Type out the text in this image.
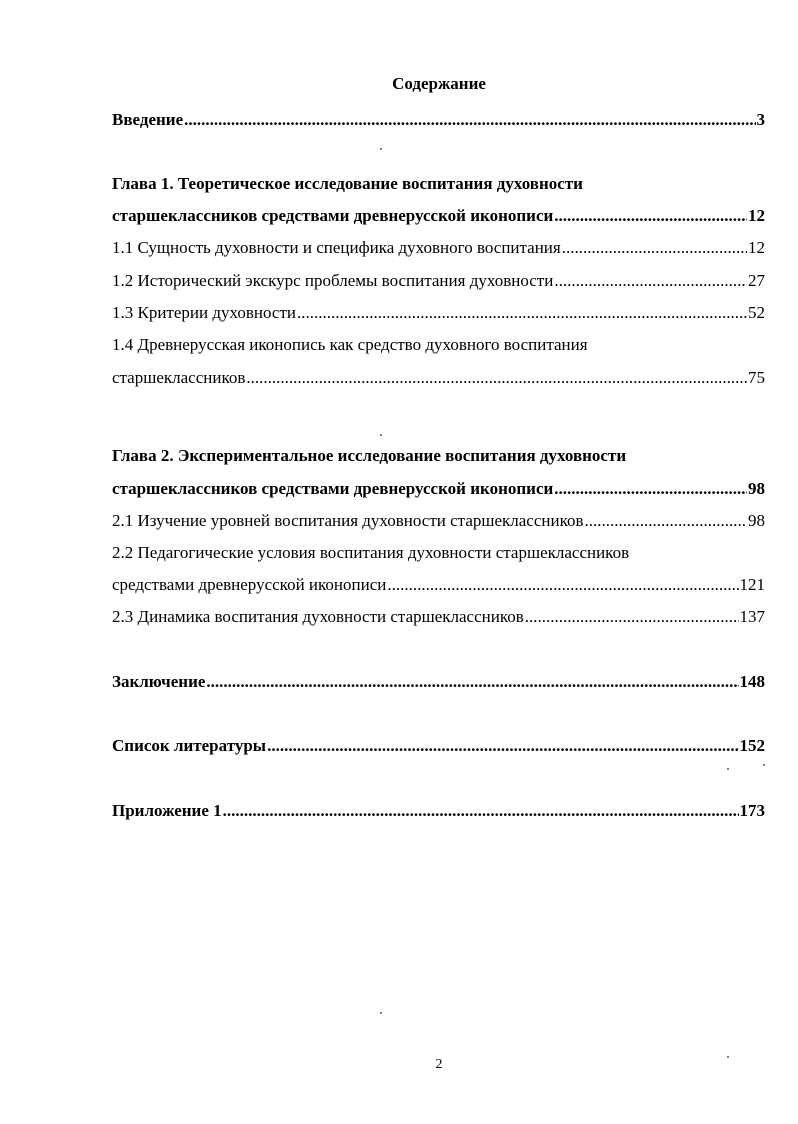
Содержание
Введение .....	3
Глава 1. Теоретическое исследование воспитания духовности
старшеклассников средствами древнерусской иконописи .....	12
1.1 Сущность духовности и специфика духовного воспитания .....	12
1.2 Исторический экскурс проблемы воспитания духовности .....	27
1.3 Критерии духовности .....	52
1.4 Древнерусская иконопись как средство духовного воспитания
старшеклассников .....	75
Глава 2. Экспериментальное исследование воспитания духовности
старшеклассников средствами древнерусской иконописи .....	98
2.1 Изучение уровней воспитания духовности старшеклассников .....	98
2.2 Педагогические условия воспитания духовности старшеклассников
средствами древнерусской иконописи .....	121
2.3 Динамика воспитания духовности старшеклассников .....	137
Заключение .....	148
Список литературы .....	152
Приложение 1 .....	173
2
